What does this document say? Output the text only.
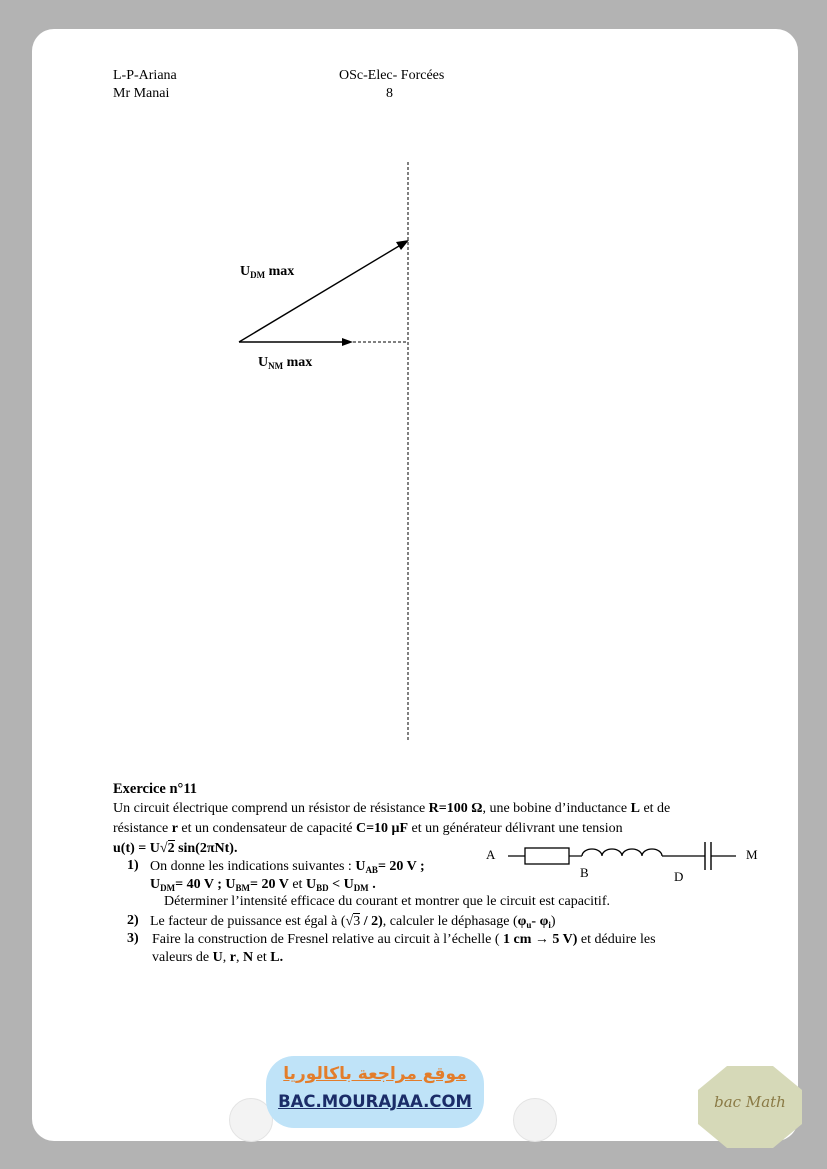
L-P-Ariana
Mr Manai
OSc-Elec- Forcées
8
$U_{DM}$ max
$U_{NM}$ max
Exercice n°11
Un circuit électrique comprend un résistor de résistance R=100 Ω, une bobine d’inductance L et de
résistance r et un condensateur de capacité C=10 μF et un générateur délivrant une tension
u(t) = U√2 sin(2πNt).
1) On donne les indications suivantes : $U_{AB}= 20$ V ;
$U_{DM}= 40$ V ; $U_{BM}= 20$ V et $U_{BD} < U_{DM}$ .
Déterminer l’intensité efficace du courant et montrer que le circuit est capacitif.
2) Le facteur de puissance est égal à (√3 / 2), calculer le déphasage ($\varphi_u-$ $\varphi_i$)
3) Faire la construction de Fresnel relative au circuit à l’échelle ( 1 cm → 5 V) et déduire les
valeurs de U, r, N et L.
A
B	D
M
موقع مراجعة باكالوريا
BAC.MOURAJAA.COM	bac Math
